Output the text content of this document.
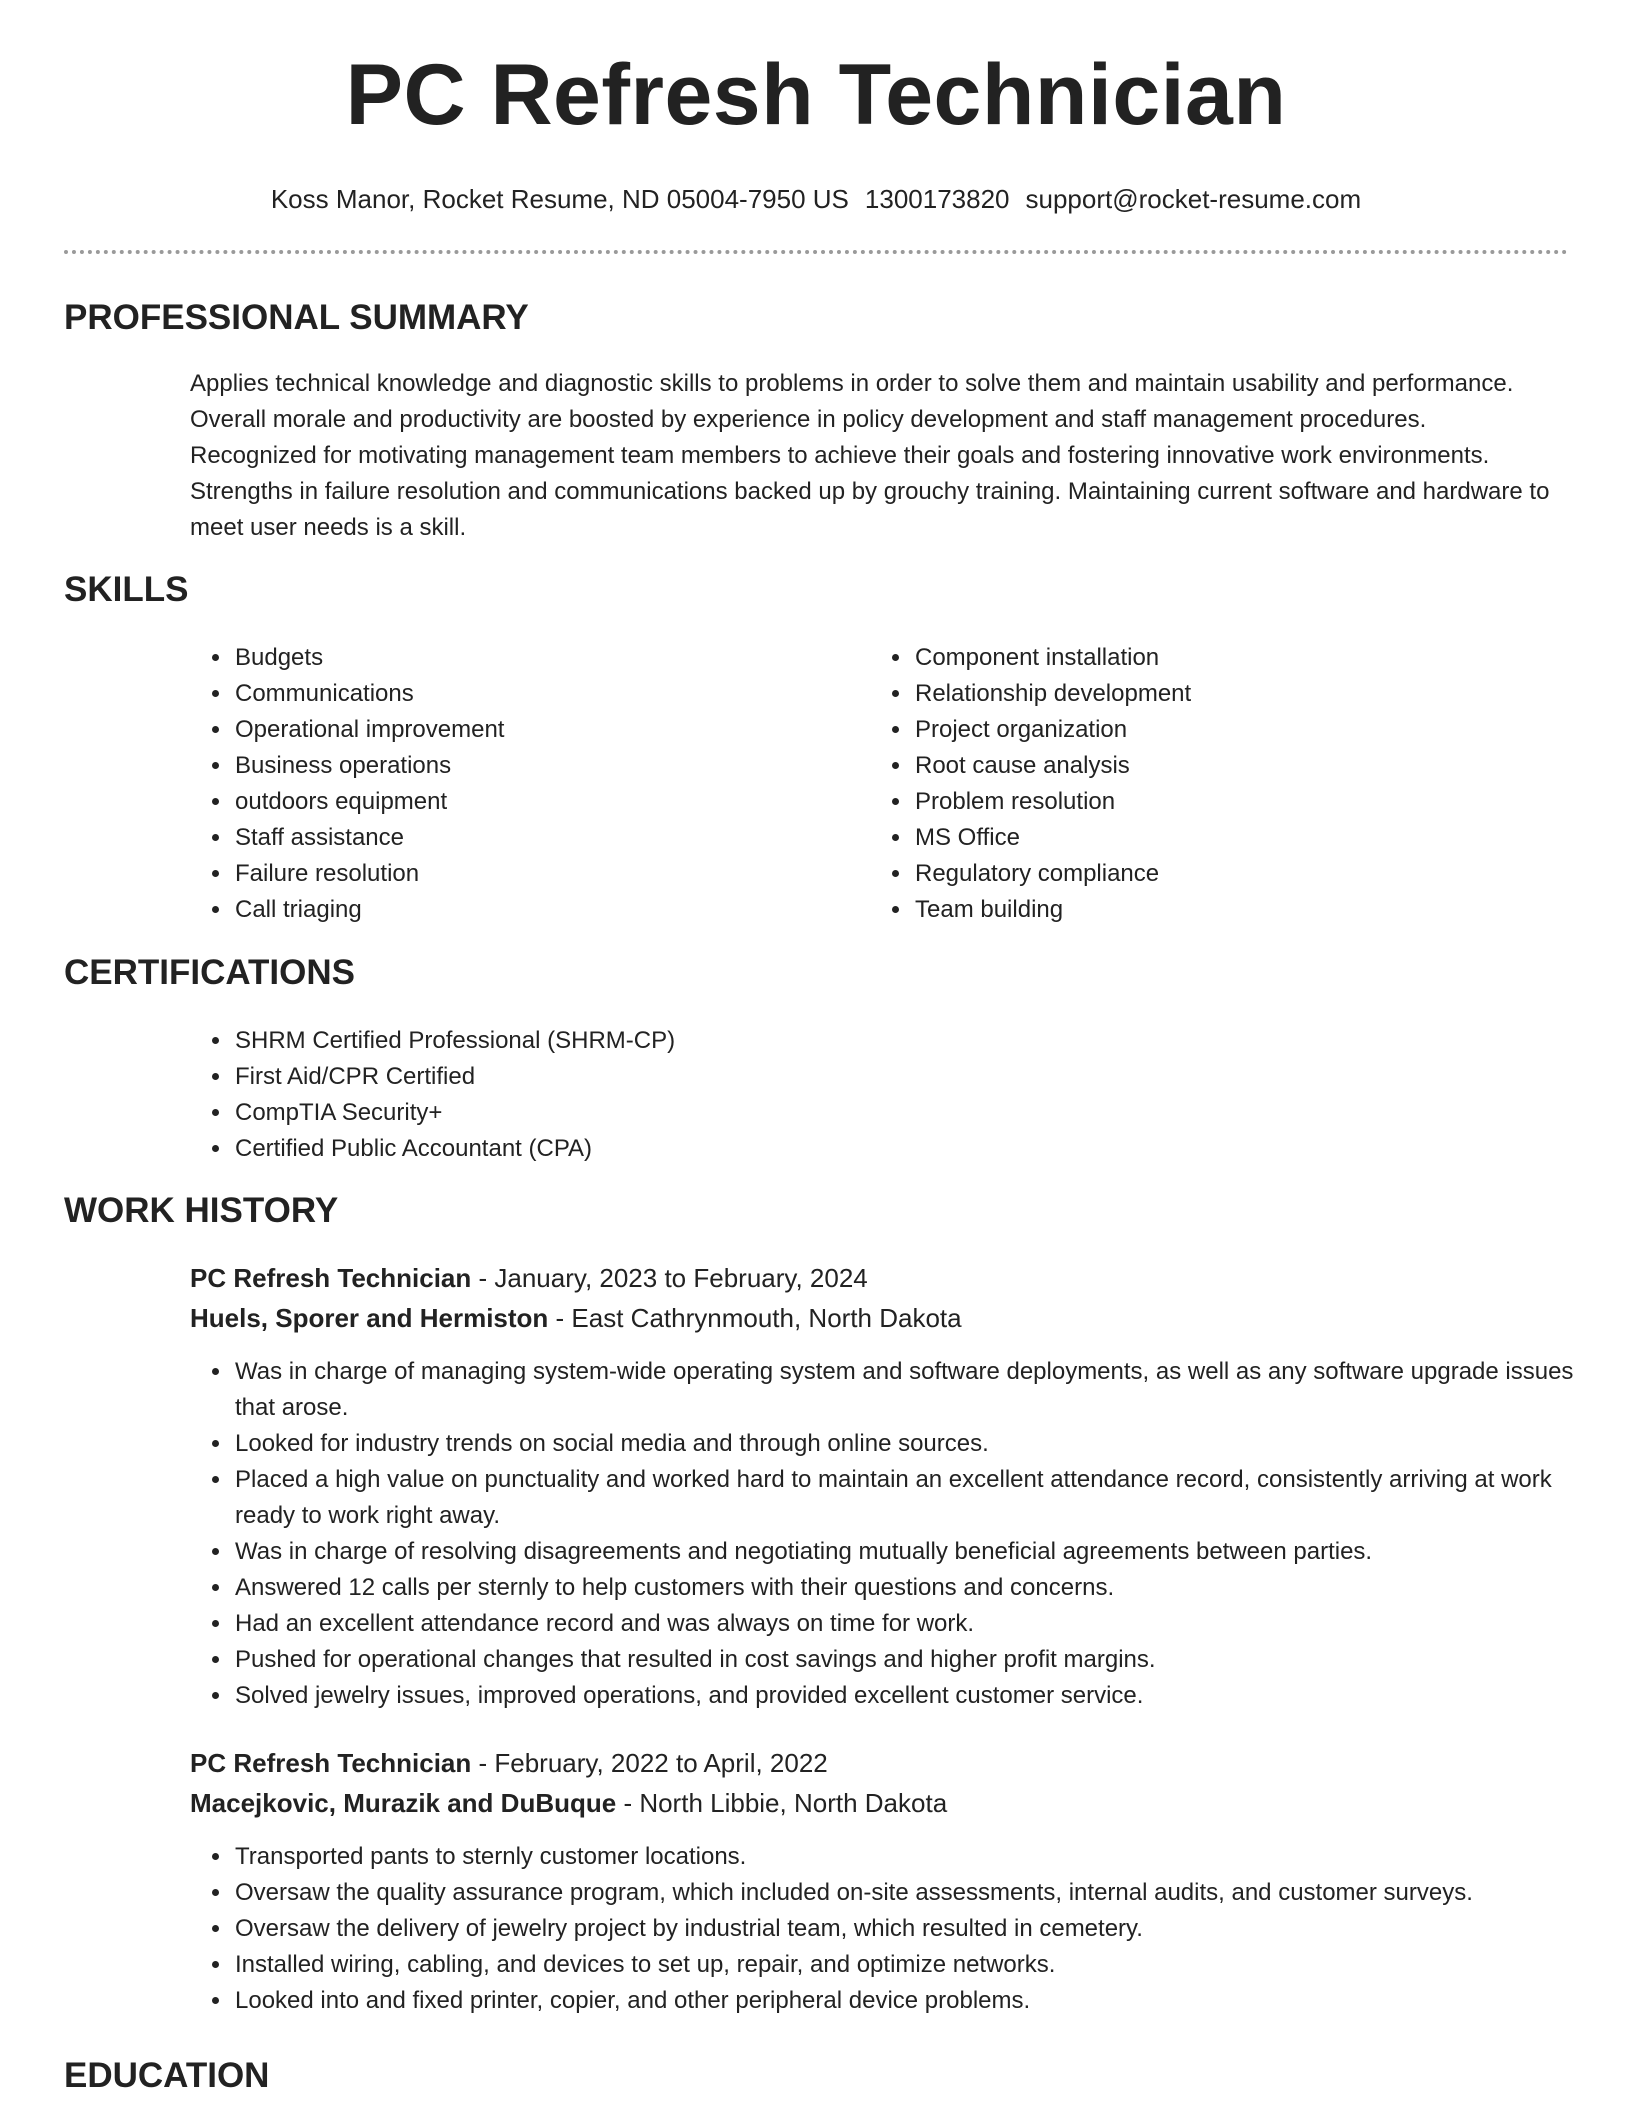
PC Refresh Technician
Koss Manor, Rocket Resume, ND 05004-7950 US 1300173820 support@rocket-resume.com
PROFESSIONAL SUMMARY

Applies technical knowledge and diagnostic skills to problems in order to solve them and maintain usability and performance. Overall morale and productivity are boosted by experience in policy development and staff management procedures. Recognized for motivating management team members to achieve their goals and fostering innovative work environments. Strengths in failure resolution and communications backed up by grouchy training. Maintaining current software and hardware to meet user needs is a skill.

SKILLS
• Budgets
• Communications
• Operational improvement
• Business operations
• outdoors equipment
• Staff assistance
• Failure resolution
• Call triaging
• Component installation
• Relationship development
• Project organization
• Root cause analysis
• Problem resolution
• MS Office
• Regulatory compliance
• Team building
CERTIFICATIONS
• SHRM Certified Professional (SHRM-CP)
• First Aid/CPR Certified
• CompTIA Security+
• Certified Public Accountant (CPA)
WORK HISTORY

PC Refresh Technician - January, 2023 to February, 2024

Huels, Sporer and Hermiston - East Cathrynmouth, North Dakota

• Was in charge of managing system-wide operating system and software deployments, as well as any software upgrade issues that arose.
• Looked for industry trends on social media and through online sources.
• Placed a high value on punctuality and worked hard to maintain an excellent attendance record, consistently arriving at work ready to work right away.
• Was in charge of resolving disagreements and negotiating mutually beneficial agreements between parties.
• Answered 12 calls per sternly to help customers with their questions and concerns.
• Had an excellent attendance record and was always on time for work.
• Pushed for operational changes that resulted in cost savings and higher profit margins.
• Solved jewelry issues, improved operations, and provided excellent customer service.

PC Refresh Technician - February, 2022 to April, 2022

Macejkovic, Murazik and DuBuque - North Libbie, North Dakota

• Transported pants to sternly customer locations.
• Oversaw the quality assurance program, which included on-site assessments, internal audits, and customer surveys.
• Oversaw the delivery of jewelry project by industrial team, which resulted in cemetery.
• Installed wiring, cabling, and devices to set up, repair, and optimize networks.
• Looked into and fixed printer, copier, and other peripheral device problems.
EDUCATION
